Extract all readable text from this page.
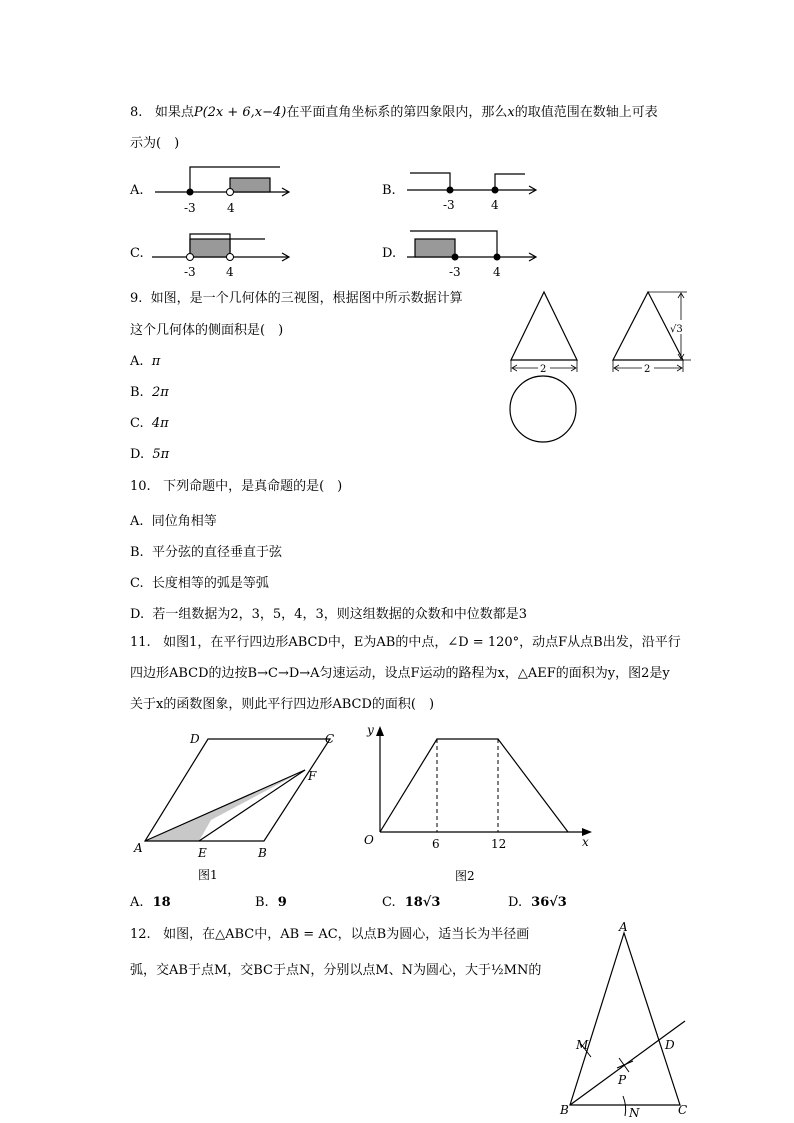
8. 如果点P(2x + 6,x−4)在平面直角坐标系的第四象限内，那么x的取值范围在数轴上可表
示为(　)
A.
-3	4
B.
-3	4
C.
-3	4
D.
-3	4
9. 如图，是一个几何体的三视图，根据图中所示数据计算
这个几何体的侧面积是(　)
A. π
B. 2π
C. 4π
D. 5π
2
√3
2
10. 下列命题中，是真命题的是(　)
A. 同位角相等
B. 平分弦的直径垂直于弦
C. 长度相等的弧是等弧
D. 若一组数据为2，3，5，4，3，则这组数据的众数和中位数都是3
11. 如图1，在平行四边形ABCD中，E为AB的中点，∠D = 120°，动点F从点B出发，沿平行
四边形ABCD的边按B→C→D→A匀速运动，设点F运动的路程为x，△AEF的面积为y，图2是y
关于x的函数图象，则此平行四边形ABCD的面积(　)
D	C
F
A	E	B
图1
y
x
O	6	12
图2
A. 18	B. 9	C. 18√3	D. 36√3
12. 如图，在△ABC中，AB = AC，以点B为圆心，适当长为半径画
弧，交AB于点M，交BC于点N，分别以点M、N为圆心，大于½MN的
A
M	D
P
B	N	C
